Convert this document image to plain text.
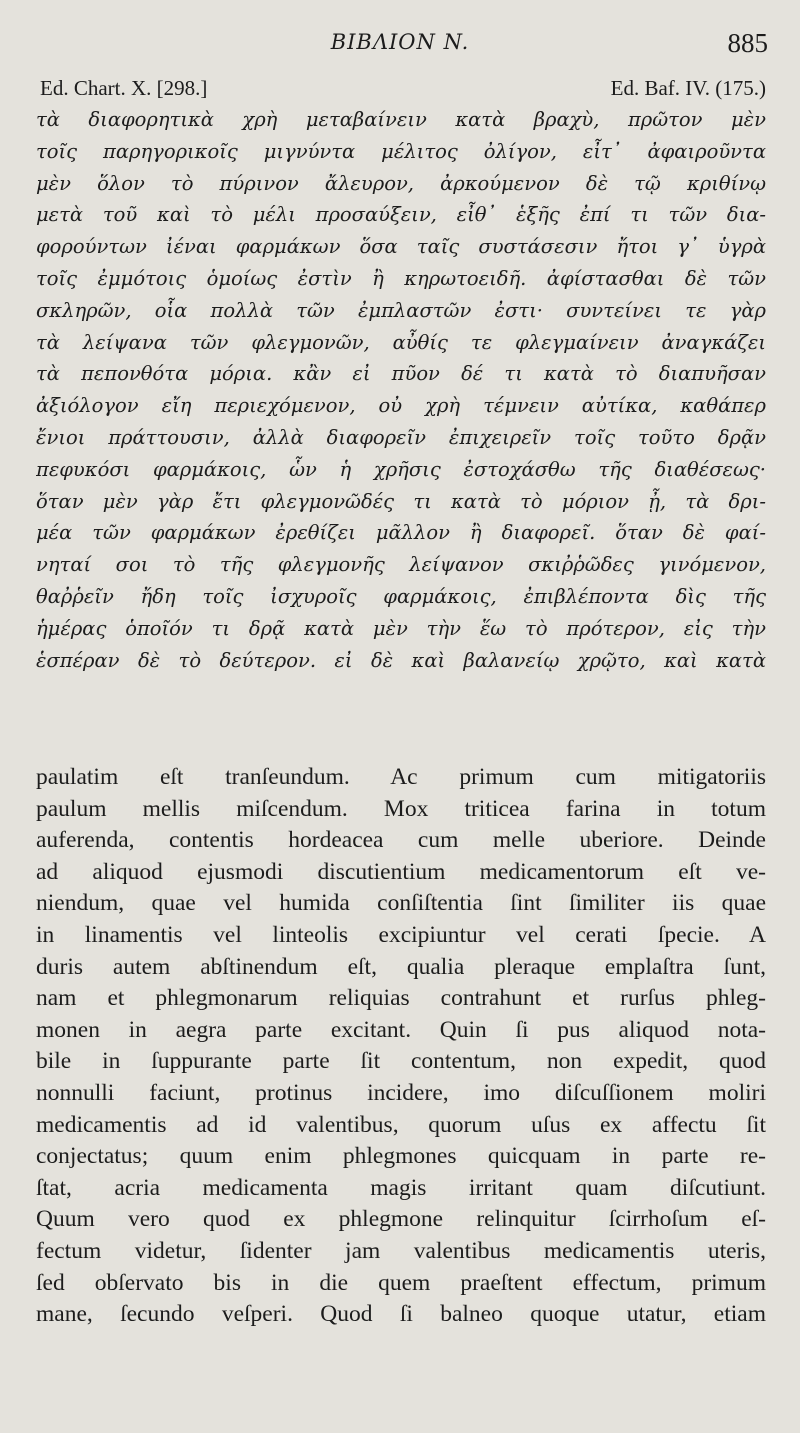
BIBΛΙΟΝ N.	885
Ed. Chart. X. [298.]	Ed. Baf. IV. (175.)
τὰ διαφορητικὰ χρὴ μεταβαίνειν κατὰ βραχὺ, πρῶτον μὲν
τοῖς παρηγορικοῖς μιγνύντα μέλιτος ὀλίγον, εἶτ᾽ ἀφαιροῦντα
μὲν ὅλον τὸ πύρινον ἄλευρον, ἀρκούμενον δὲ τῷ κριθίνῳ
μετὰ τοῦ καὶ τὸ μέλι προσαύξειν, εἶθ᾽ ἑξῆς ἐπί τι τῶν δια-
φορούντων ἰέναι φαρμάκων ὅσα ταῖς συστάσεσιν ἤτοι γ᾽ ὑγρὰ
τοῖς ἐμμότοις ὁμοίως ἐστὶν ἢ κηρωτοειδῆ. ἀφίστασθαι δὲ τῶν
σκληρῶν, οἷα πολλὰ τῶν ἐμπλαστῶν ἐστι· συντείνει τε γὰρ
τὰ λείψανα τῶν φλεγμονῶν, αὖθίς τε φλεγμαίνειν ἀναγκάζει
τὰ πεπονθότα μόρια. κἂν εἰ πῦον δέ τι κατὰ τὸ διαπυῆσαν
ἀξιόλογον εἴη περιεχόμενον, οὐ χρὴ τέμνειν αὐτίκα, καθάπερ
ἔνιοι πράττουσιν, ἀλλὰ διαφορεῖν ἐπιχειρεῖν τοῖς τοῦτο δρᾷν
πεφυκόσι φαρμάκοις, ὧν ἡ χρῆσις ἐστοχάσθω τῆς διαθέσεως·
ὅταν μὲν γὰρ ἔτι φλεγμονῶδές τι κατὰ τὸ μόριον ᾖ, τὰ δρι-
μέα τῶν φαρμάκων ἐρεθίζει μᾶλλον ἢ διαφορεῖ. ὅταν δὲ φαί-
νηταί σοι τὸ τῆς φλεγμονῆς λείψανον σκιῤῥῶδες γινόμενον,
θαῤῥεῖν ἤδη τοῖς ἰσχυροῖς φαρμάκοις, ἐπιβλέποντα δὶς τῆς
ἡμέρας ὁποῖόν τι δρᾷ κατὰ μὲν τὴν ἕω τὸ πρότερον, εἰς τὴν
ἑσπέραν δὲ τὸ δεύτερον. εἰ δὲ καὶ βαλανείῳ χρῷτο, καὶ κατὰ
paulatim eſt tranſeundum. Ac primum cum mitigatoriis
paulum mellis miſcendum. Mox triticea farina in totum
auferenda, contentis hordeacea cum melle uberiore. Deinde
ad aliquod ejusmodi discutientium medicamentorum eſt ve-
niendum, quae vel humida conſiſtentia ſint ſimiliter iis quae
in linamentis vel linteolis excipiuntur vel cerati ſpecie. A
duris autem abſtinendum eſt, qualia pleraque emplaſtra ſunt,
nam et phlegmonarum reliquias contrahunt et rurſus phleg-
monen in aegra parte excitant. Quin ſi pus aliquod nota-
bile in ſuppurante parte ſit contentum, non expedit, quod
nonnulli faciunt, protinus incidere, imo diſcuſſionem moliri
medicamentis ad id valentibus, quorum uſus ex affectu ſit
conjectatus; quum enim phlegmones quicquam in parte re-
ſtat, acria medicamenta magis irritant quam diſcutiunt.
Quum vero quod ex phlegmone relinquitur ſcirrhoſum eſ-
fectum videtur, ſidenter jam valentibus medicamentis uteris,
ſed obſervato bis in die quem praeſtent effectum, primum
mane, ſecundo veſperi. Quod ſi balneo quoque utatur, etiam
